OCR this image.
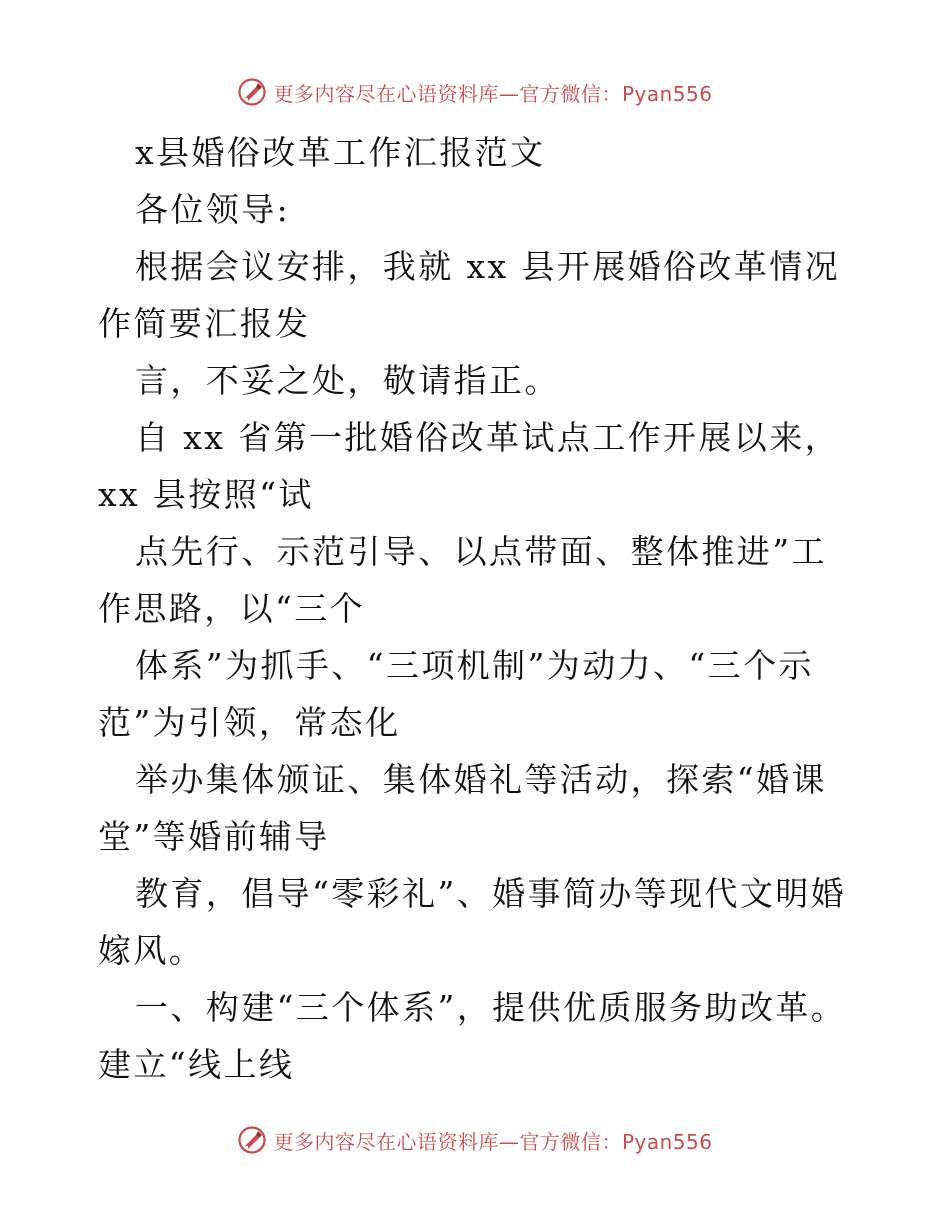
更多内容尽在心语资料库—官方微信：Pyan556

x县婚俗改革工作汇报范文

各位领导:

根据会议安排，我就 xx 县开展婚俗改革情况作简要汇报发

言，不妥之处，敬请指正。

自 xx 省第一批婚俗改革试点工作开展以来，xx 县按照“试

点先行、示范引导、以点带面、整体推进”工作思路，以“三个

体系”为抓手、“三项机制”为动力、“三个示范”为引领，常态化

举办集体颁证、集体婚礼等活动，探索“婚课堂”等婚前辅导

教育，倡导“零彩礼”、婚事简办等现代文明婚嫁风。

一、构建“三个体系”，提供优质服务助改革。建立“线上线

更多内容尽在心语资料库—官方微信：Pyan556
